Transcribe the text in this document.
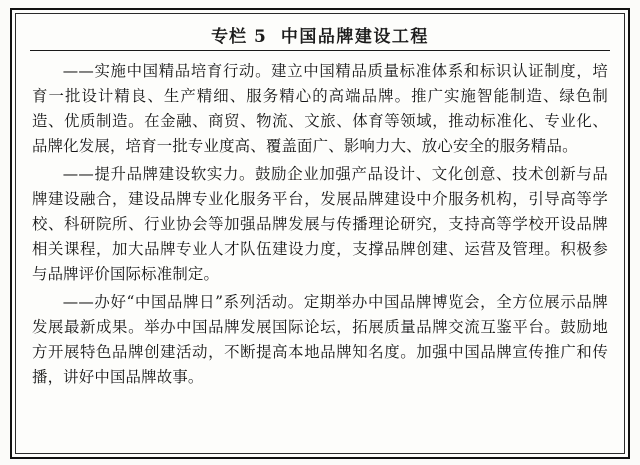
专栏 5 中国品牌建设工程

——实施中国精品培育行动。建立中国精品质量标准体系和标识认证制度，培育一批设计精良、生产精细、服务精心的高端品牌。推广实施智能制造、绿色制造、优质制造。在金融、商贸、物流、文旅、体育等领域，推动标准化、专业化、品牌化发展，培育一批专业度高、覆盖面广、影响力大、放心安全的服务精品。

——提升品牌建设软实力。鼓励企业加强产品设计、文化创意、技术创新与品牌建设融合，建设品牌专业化服务平台，发展品牌建设中介服务机构，引导高等学校、科研院所、行业协会等加强品牌发展与传播理论研究，支持高等学校开设品牌相关课程，加大品牌专业人才队伍建设力度，支撑品牌创建、运营及管理。积极参与品牌评价国际标准制定。

——办好“中国品牌日”系列活动。定期举办中国品牌博览会，全方位展示品牌发展最新成果。举办中国品牌发展国际论坛，拓展质量品牌交流互鉴平台。鼓励地方开展特色品牌创建活动，不断提高本地品牌知名度。加强中国品牌宣传推广和传播，讲好中国品牌故事。
